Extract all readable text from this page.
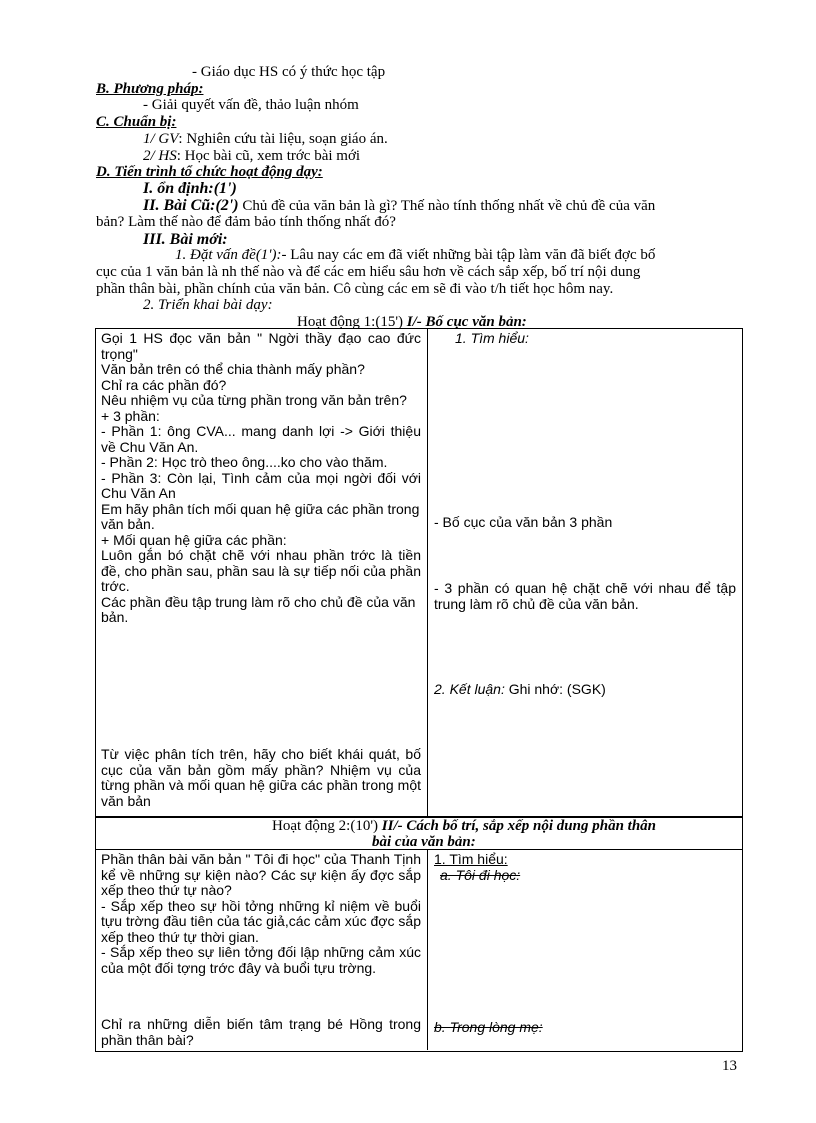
- Giáo dục HS có ý thức học tập
B. Phương pháp:
- Giải quyết vấn đề, thảo luận nhóm
C. Chuẩn bị:
1/ GV: Nghiên cứu tài liệu, soạn giáo án.
2/ HS: Học bài cũ, xem trớc bài mới
D. Tiến trình tổ chức hoạt động dạy:
I. ổn định:(1')
II. Bài Cũ:(2') Chủ đề của văn bản là gì? Thế nào tính thống nhất về chủ đề của văn
bản? Làm thế nào để đảm bảo tính thống nhất đó?
III. Bài mới:
1. Đặt vấn đề(1'):- Lâu nay các em đã viết những bài tập làm văn đã biết đợc bố
cục của 1 văn bản là nh thế nào và để các em hiểu sâu hơn về cách sắp xếp, bố trí nội dung
phần thân bài, phần chính của văn bản. Cô cùng các em sẽ đi vào t/h tiết học hôm nay.
2. Triển khai bài dạy:
Hoạt động 1:(15') I/- Bố cục văn bản:

Gọi 1 HS đọc văn bản " Ngời thầy đạo cao đức trọng"

Văn bản trên có thể chia thành mấy phần?

Chỉ ra các phần đó?

Nêu nhiệm vụ của từng phần trong văn bản trên?

+ 3 phần:

- Phần 1: ông CVA... mang danh lợi -> Giới thiệu về Chu Văn An.

- Phần 2: Học trò theo ông....ko cho vào thăm.

- Phần 3: Còn lại, Tình cảm của mọi ngời đối với Chu Văn An

Em hãy phân tích mối quan hệ giữa các phần trong văn bản.

+ Mối quan hệ giữa các phần:

Luôn gắn bó chặt chẽ với nhau phần trớc là tiền đề, cho phần sau, phần sau là sự tiếp nối của phần trớc.

Các phần đều tập trung làm rõ cho chủ đề của văn bản.

Từ việc phân tích trên, hãy cho biết khái quát, bố cục của văn bản gồm mấy phần? Nhiệm vụ của từng phần và mối quan hệ giữa các phần trong một văn bản
1. Tìm hiểu:
- Bố cục của văn bản 3 phần
- 3 phần có quan hệ chặt chẽ với nhau để tập trung làm rõ chủ đề của văn bản.
2. Kết luận: Ghi nhớ: (SGK)
Hoạt động 2:(10') II/- Cách bố trí, sắp xếp nội dung phần thân
bài của văn bản:

Phần thân bài văn bản " Tôi đi học" của Thanh Tịnh kể về những sự kiện nào? Các sự kiện ấy đợc sắp xếp theo thứ tự nào?

- Sắp xếp theo sự hồi tởng những kỉ niệm về buổi tựu trờng đầu tiên của tác giả,các cảm xúc đợc sắp xếp theo thứ tự thời gian.

- Sắp xếp theo sự liên tởng đối lập những cảm xúc của một đối tợng trớc đây và buổi tựu trờng.

Chỉ ra những diễn biến tâm trạng bé Hồng trong phần thân bài?
1. Tìm hiểu:
a. Tôi đi học:
b. Trong lòng mẹ:
13
